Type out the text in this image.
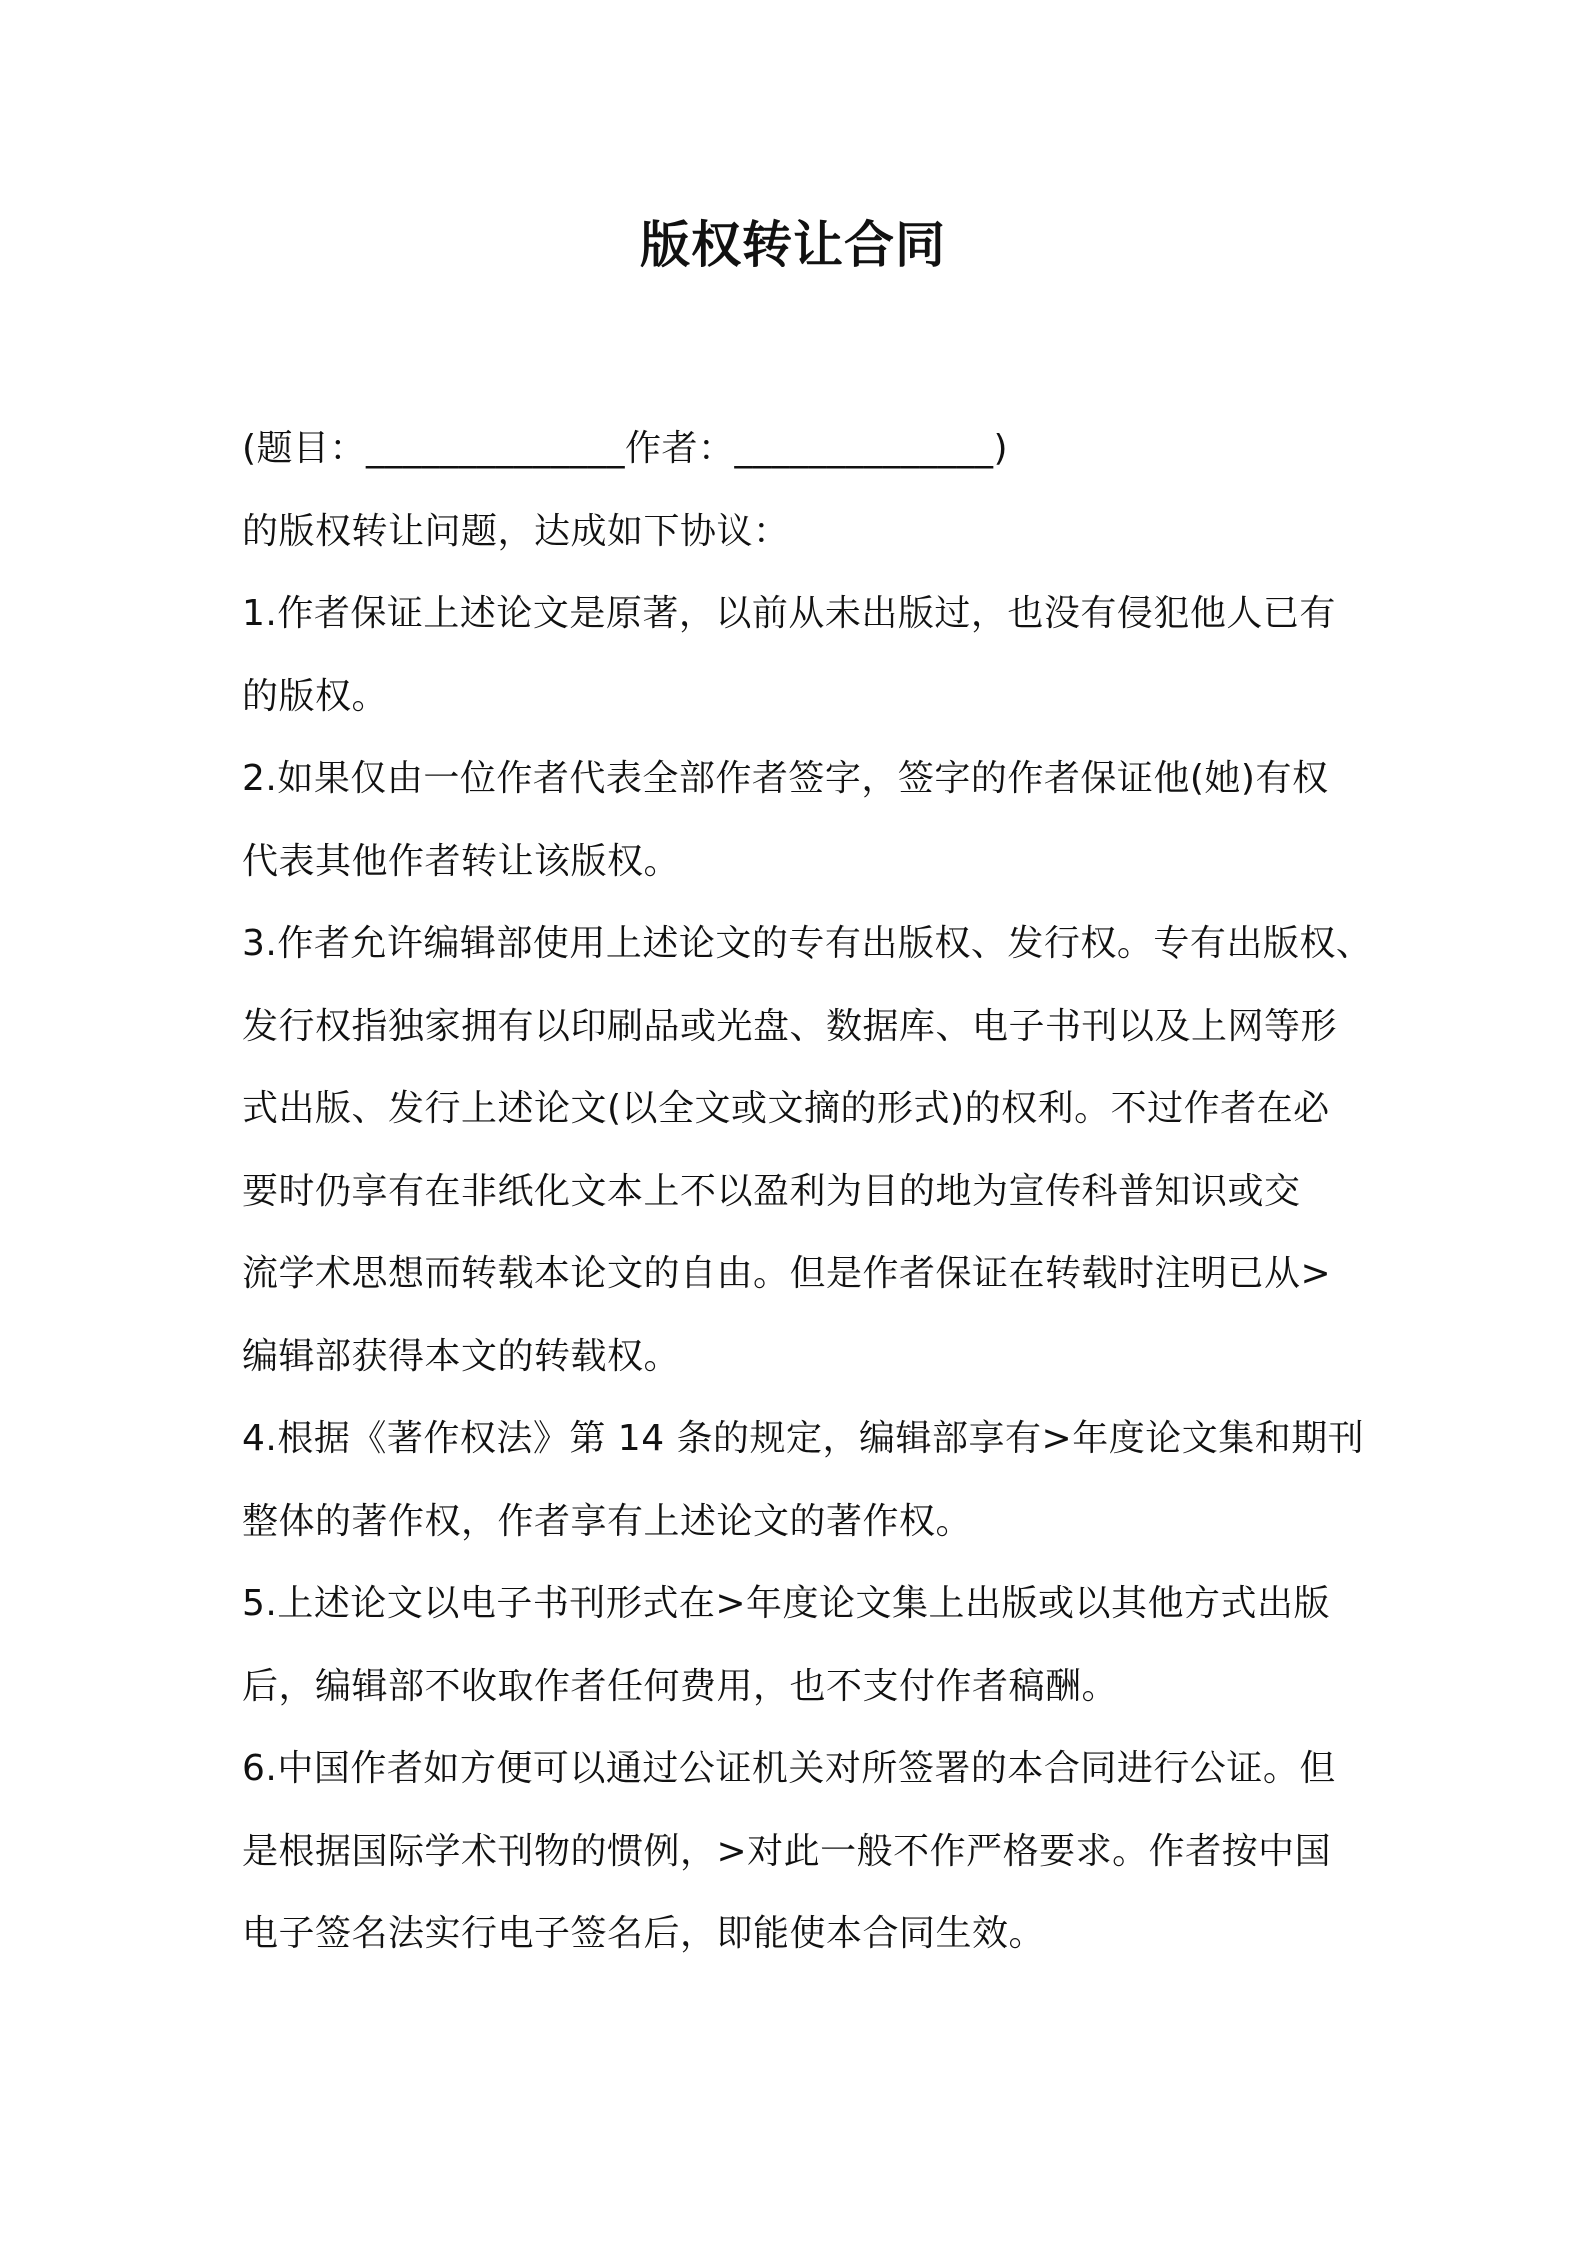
版权转让合同

(题目：______________作者：______________)

的版权转让问题，达成如下协议：

1.作者保证上述论文是原著，以前从未出版过，也没有侵犯他人已有

的版权。

2.如果仅由一位作者代表全部作者签字，签字的作者保证他(她)有权

代表其他作者转让该版权。

3.作者允许编辑部使用上述论文的专有出版权、发行权。专有出版权、

发行权指独家拥有以印刷品或光盘、数据库、电子书刊以及上网等形

式出版、发行上述论文(以全文或文摘的形式)的权利。不过作者在必

要时仍享有在非纸化文本上不以盈利为目的地为宣传科普知识或交

流学术思想而转载本论文的自由。但是作者保证在转载时注明已从>

编辑部获得本文的转载权。

4.根据《著作权法》第 14 条的规定，编辑部享有>年度论文集和期刊

整体的著作权，作者享有上述论文的著作权。

5.上述论文以电子书刊形式在>年度论文集上出版或以其他方式出版

后，编辑部不收取作者任何费用，也不支付作者稿酬。

6.中国作者如方便可以通过公证机关对所签署的本合同进行公证。但

是根据国际学术刊物的惯例，>对此一般不作严格要求。作者按中国

电子签名法实行电子签名后，即能使本合同生效。
